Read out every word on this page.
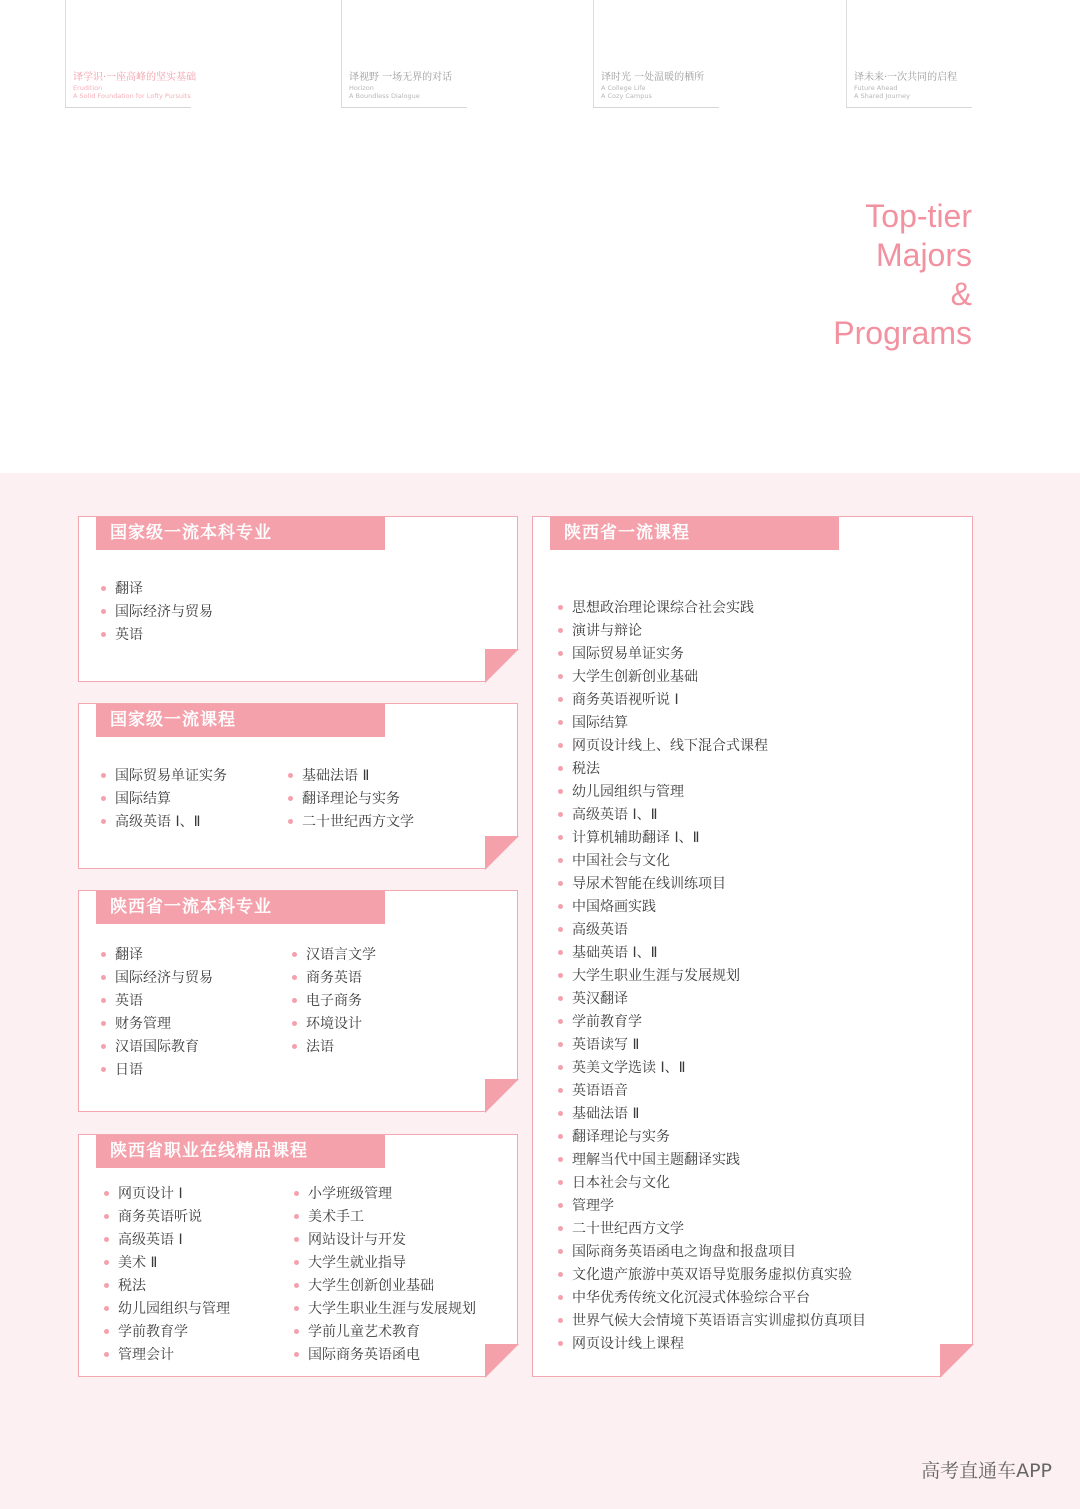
译学识·一座高峰的坚实基础
Erudition
A Solid Foundation for Lofty Pursuits
译视野 一场无界的对话
Horizon
A Boundless Dialogue
译时光 一处温暖的栖所
A College Life
A Cozy Campus
译未来·一次共同的启程
Future Ahead
A Shared Journey
Top-tier
Majors
&
Programs
国家级一流本科专业
翻译
国际经济与贸易
英语
国家级一流课程
国际贸易单证实务
国际结算
高级英语 Ⅰ、Ⅱ
基础法语 Ⅱ
翻译理论与实务
二十世纪西方文学
陕西省一流本科专业
翻译
国际经济与贸易
英语
财务管理
汉语国际教育
日语
汉语言文学
商务英语
电子商务
环境设计
法语
陕西省职业在线精品课程
网页设计 Ⅰ
商务英语听说
高级英语 Ⅰ
美术 Ⅱ
税法
幼儿园组织与管理
学前教育学
管理会计
小学班级管理
美术手工
网站设计与开发
大学生就业指导
大学生创新创业基础
大学生职业生涯与发展规划
学前儿童艺术教育
国际商务英语函电
陕西省一流课程
思想政治理论课综合社会实践
演讲与辩论
国际贸易单证实务
大学生创新创业基础
商务英语视听说 Ⅰ
国际结算
网页设计线上、线下混合式课程
税法
幼儿园组织与管理
高级英语 Ⅰ、Ⅱ
计算机辅助翻译 Ⅰ、Ⅱ
中国社会与文化
导尿术智能在线训练项目
中国烙画实践
高级英语
基础英语 Ⅰ、Ⅱ
大学生职业生涯与发展规划
英汉翻译
学前教育学
英语读写 Ⅱ
英美文学选读 Ⅰ、Ⅱ
英语语音
基础法语 Ⅱ
翻译理论与实务
理解当代中国主题翻译实践
日本社会与文化
管理学
二十世纪西方文学
国际商务英语函电之询盘和报盘项目
文化遗产旅游中英双语导览服务虚拟仿真实验
中华优秀传统文化沉浸式体验综合平台
世界气候大会情境下英语语言实训虚拟仿真项目
网页设计线上课程
高考直通车APP
